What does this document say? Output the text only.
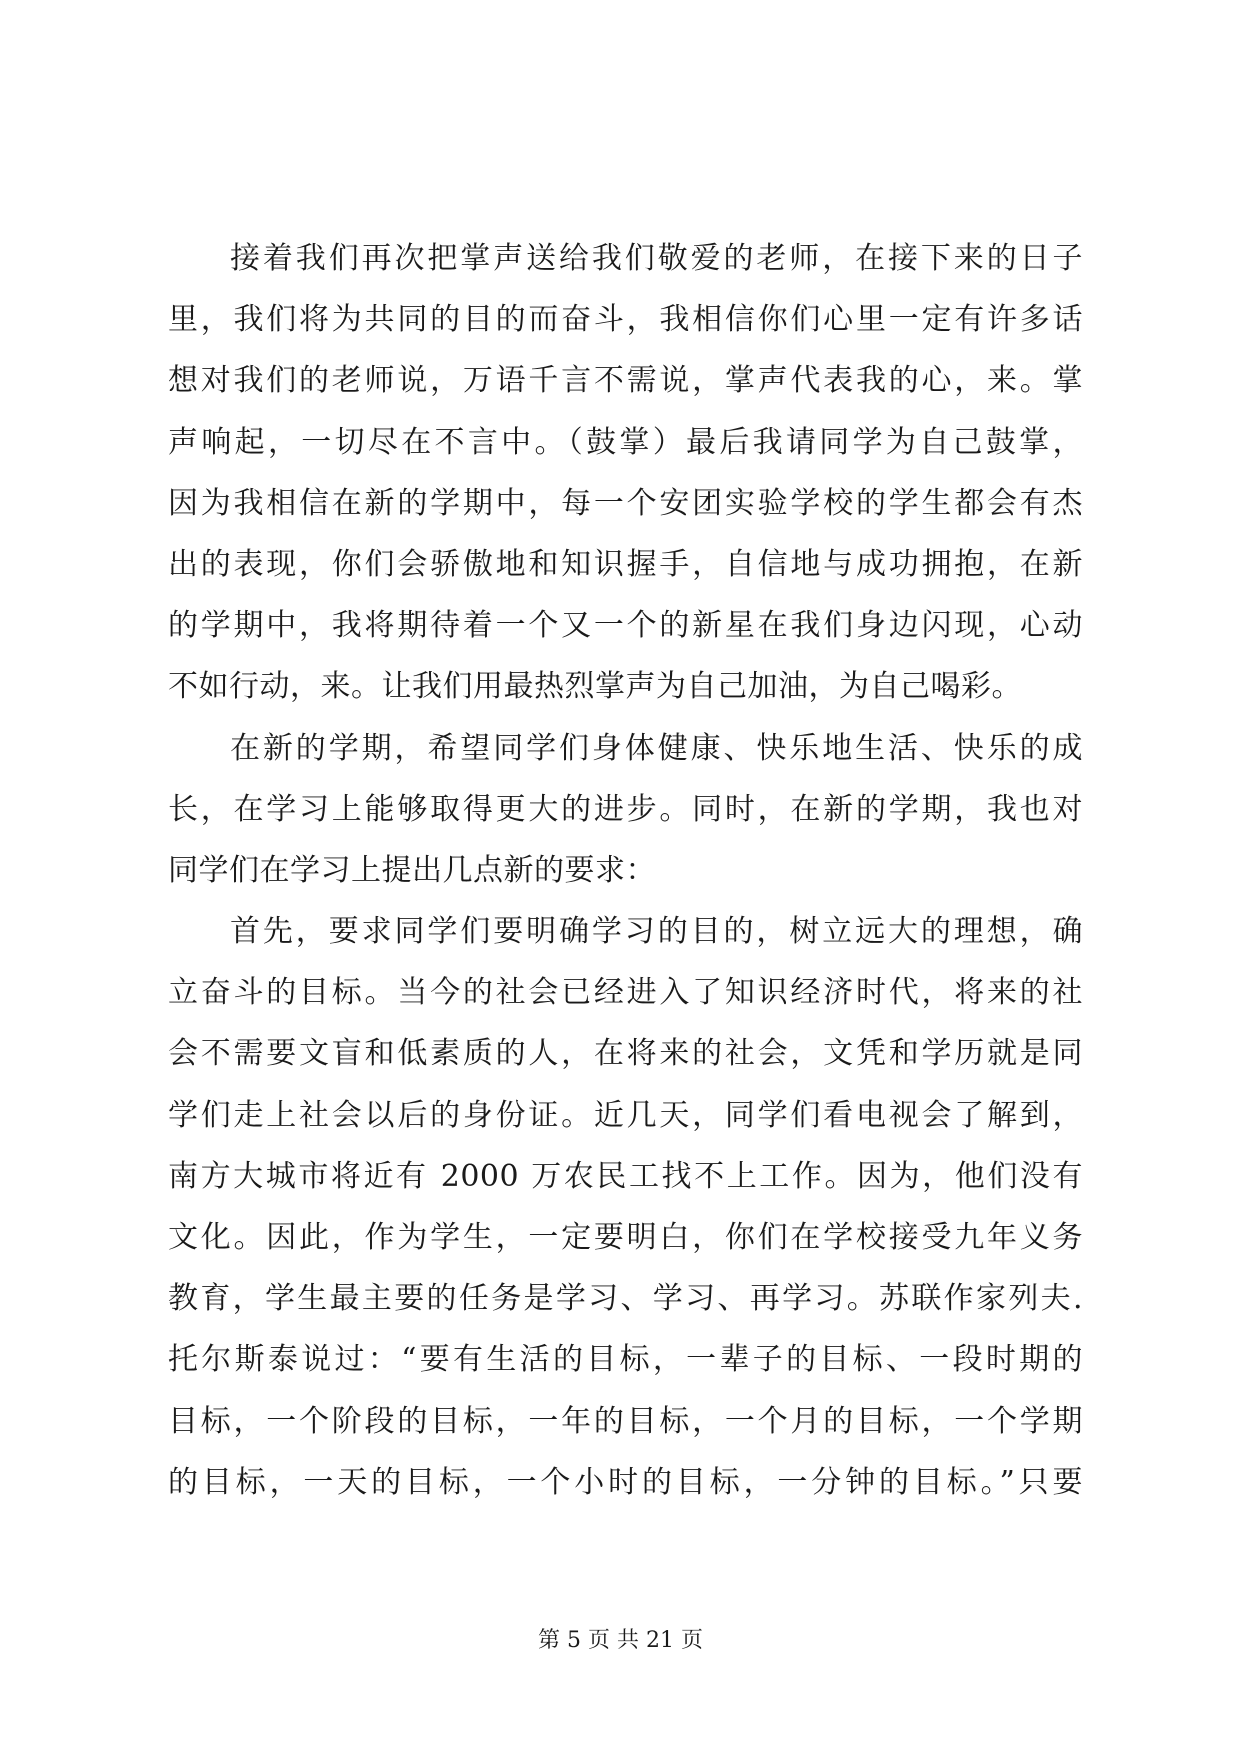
接着我们再次把掌声送给我们敬爱的老师，在接下来的日子
里，我们将为共同的目的而奋斗，我相信你们心里一定有许多话
想对我们的老师说，万语千言不需说，掌声代表我的心，来。掌
声响起，一切尽在不言中。（鼓掌）最后我请同学为自己鼓掌，
因为我相信在新的学期中，每一个安团实验学校的学生都会有杰
出的表现，你们会骄傲地和知识握手，自信地与成功拥抱，在新
的学期中，我将期待着一个又一个的新星在我们身边闪现，心动
不如行动，来。让我们用最热烈掌声为自己加油，为自己喝彩。
在新的学期，希望同学们身体健康、快乐地生活、快乐的成
长，在学习上能够取得更大的进步。同时，在新的学期，我也对
同学们在学习上提出几点新的要求：
首先，要求同学们要明确学习的目的，树立远大的理想，确
立奋斗的目标。当今的社会已经进入了知识经济时代，将来的社
会不需要文盲和低素质的人，在将来的社会，文凭和学历就是同
学们走上社会以后的身份证。近几天，同学们看电视会了解到，
南方大城市将近有 2000 万农民工找不上工作。因为，他们没有
文化。因此，作为学生，一定要明白，你们在学校接受九年义务
教育，学生最主要的任务是学习、学习、再学习。苏联作家列夫.
托尔斯泰说过：“要有生活的目标，一辈子的目标、一段时期的
目标，一个阶段的目标，一年的目标，一个月的目标，一个学期
的目标，一天的目标，一个小时的目标，一分钟的目标。”只要
第 5 页 共 21 页
